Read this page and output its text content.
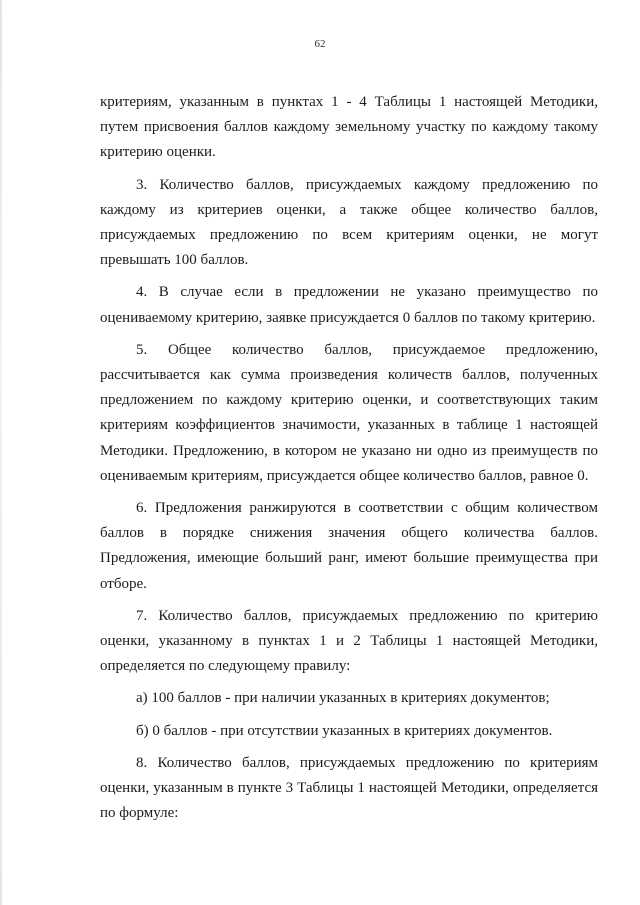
62

критериям, указанным в пунктах 1 - 4 Таблицы 1 настоящей Методики, путем присвоения баллов каждому земельному участку по каждому такому критерию оценки.

3. Количество баллов, присуждаемых каждому предложению по каждому из критериев оценки, а также общее количество баллов, присуждаемых предложению по всем критериям оценки, не могут превышать 100 баллов.

4. В случае если в предложении не указано преимущество по оцениваемому критерию, заявке присуждается 0 баллов по такому критерию.

5. Общее количество баллов, присуждаемое предложению, рассчитывается как сумма произведения количеств баллов, полученных предложением по каждому критерию оценки, и соответствующих таким критериям коэффициентов значимости, указанных в таблице 1 настоящей Методики. Предложению, в котором не указано ни одно из преимуществ по оцениваемым критериям, присуждается общее количество баллов, равное 0.

6. Предложения ранжируются в соответствии с общим количеством баллов в порядке снижения значения общего количества баллов. Предложения, имеющие больший ранг, имеют большие преимущества при отборе.

7. Количество баллов, присуждаемых предложению по критерию оценки, указанному в пунктах 1 и 2 Таблицы 1 настоящей Методики, определяется по следующему правилу:

а) 100 баллов - при наличии указанных в критериях документов;

б) 0 баллов - при отсутствии указанных в критериях документов.

8. Количество баллов, присуждаемых предложению по критериям оценки, указанным в пункте 3 Таблицы 1 настоящей Методики, определяется по формуле:
